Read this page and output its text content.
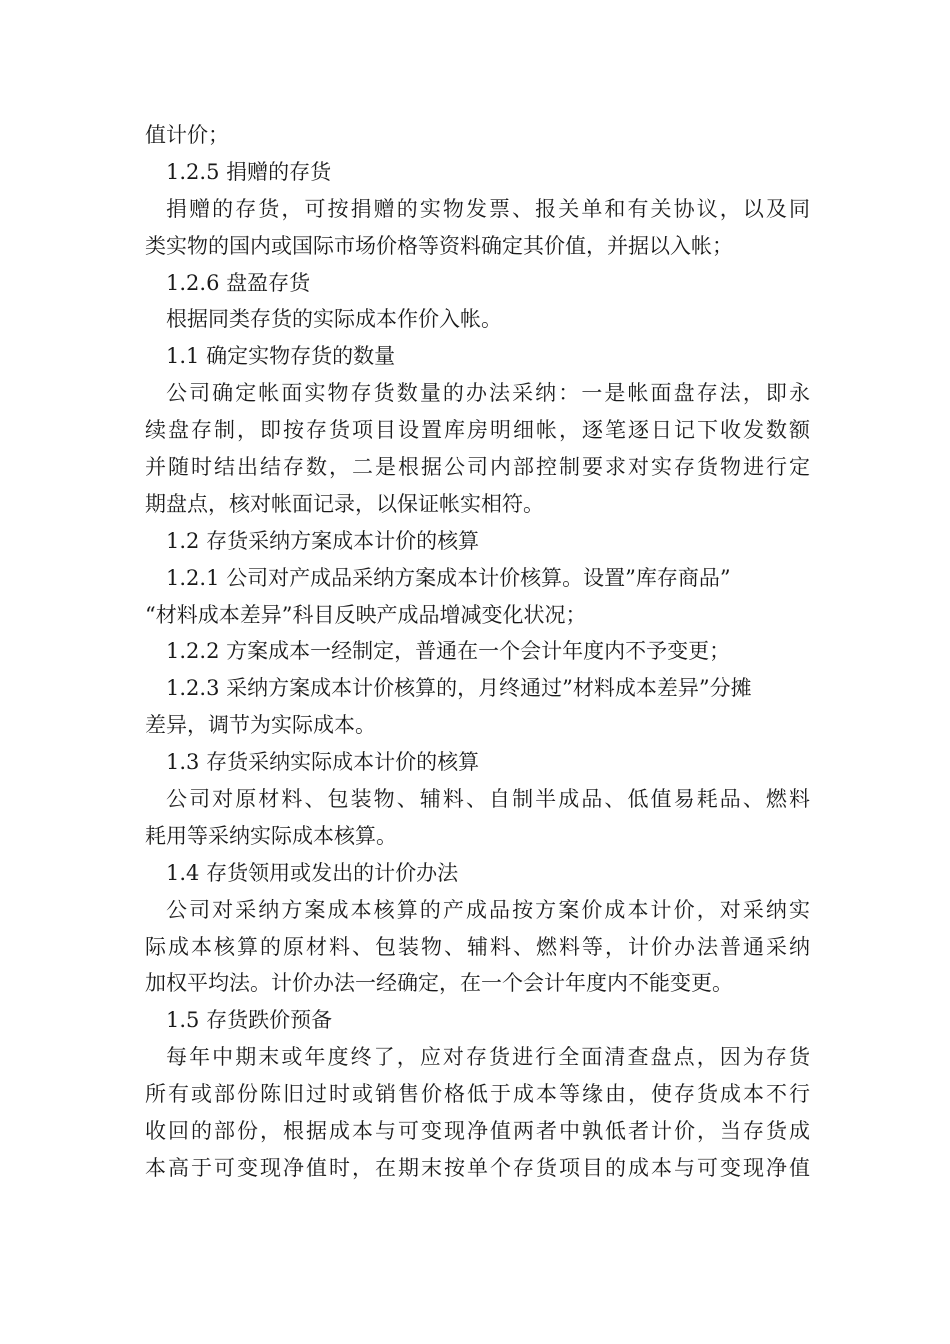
值计价；
1.2.5 捐赠的存货
捐赠的存货，可按捐赠的实物发票、报关单和有关协议，以及同
类实物的国内或国际市场价格等资料确定其价值，并据以入帐；
1.2.6 盘盈存货
根据同类存货的实际成本作价入帐。
1.1 确定实物存货的数量
公司确定帐面实物存货数量的办法采纳：一是帐面盘存法，即永
续盘存制，即按存货项目设置库房明细帐，逐笔逐日记下收发数额
并随时结出结存数，二是根据公司内部控制要求对实存货物进行定
期盘点，核对帐面记录，以保证帐实相符。
1.2 存货采纳方案成本计价的核算
1.2.1 公司对产成品采纳方案成本计价核算。设置”库存商品”
“材料成本差异”科目反映产成品增减变化状况；
1.2.2 方案成本一经制定，普通在一个会计年度内不予变更；
1.2.3 采纳方案成本计价核算的，月终通过”材料成本差异”分摊
差异，调节为实际成本。
1.3 存货采纳实际成本计价的核算
公司对原材料、包装物、辅料、自制半成品、低值易耗品、燃料
耗用等采纳实际成本核算。
1.4 存货领用或发出的计价办法
公司对采纳方案成本核算的产成品按方案价成本计价，对采纳实
际成本核算的原材料、包装物、辅料、燃料等，计价办法普通采纳
加权平均法。计价办法一经确定，在一个会计年度内不能变更。
1.5 存货跌价预备
每年中期末或年度终了，应对存货进行全面清查盘点，因为存货
所有或部份陈旧过时或销售价格低于成本等缘由，使存货成本不行
收回的部份，根据成本与可变现净值两者中孰低者计价，当存货成
本高于可变现净值时，在期末按单个存货项目的成本与可变现净值
